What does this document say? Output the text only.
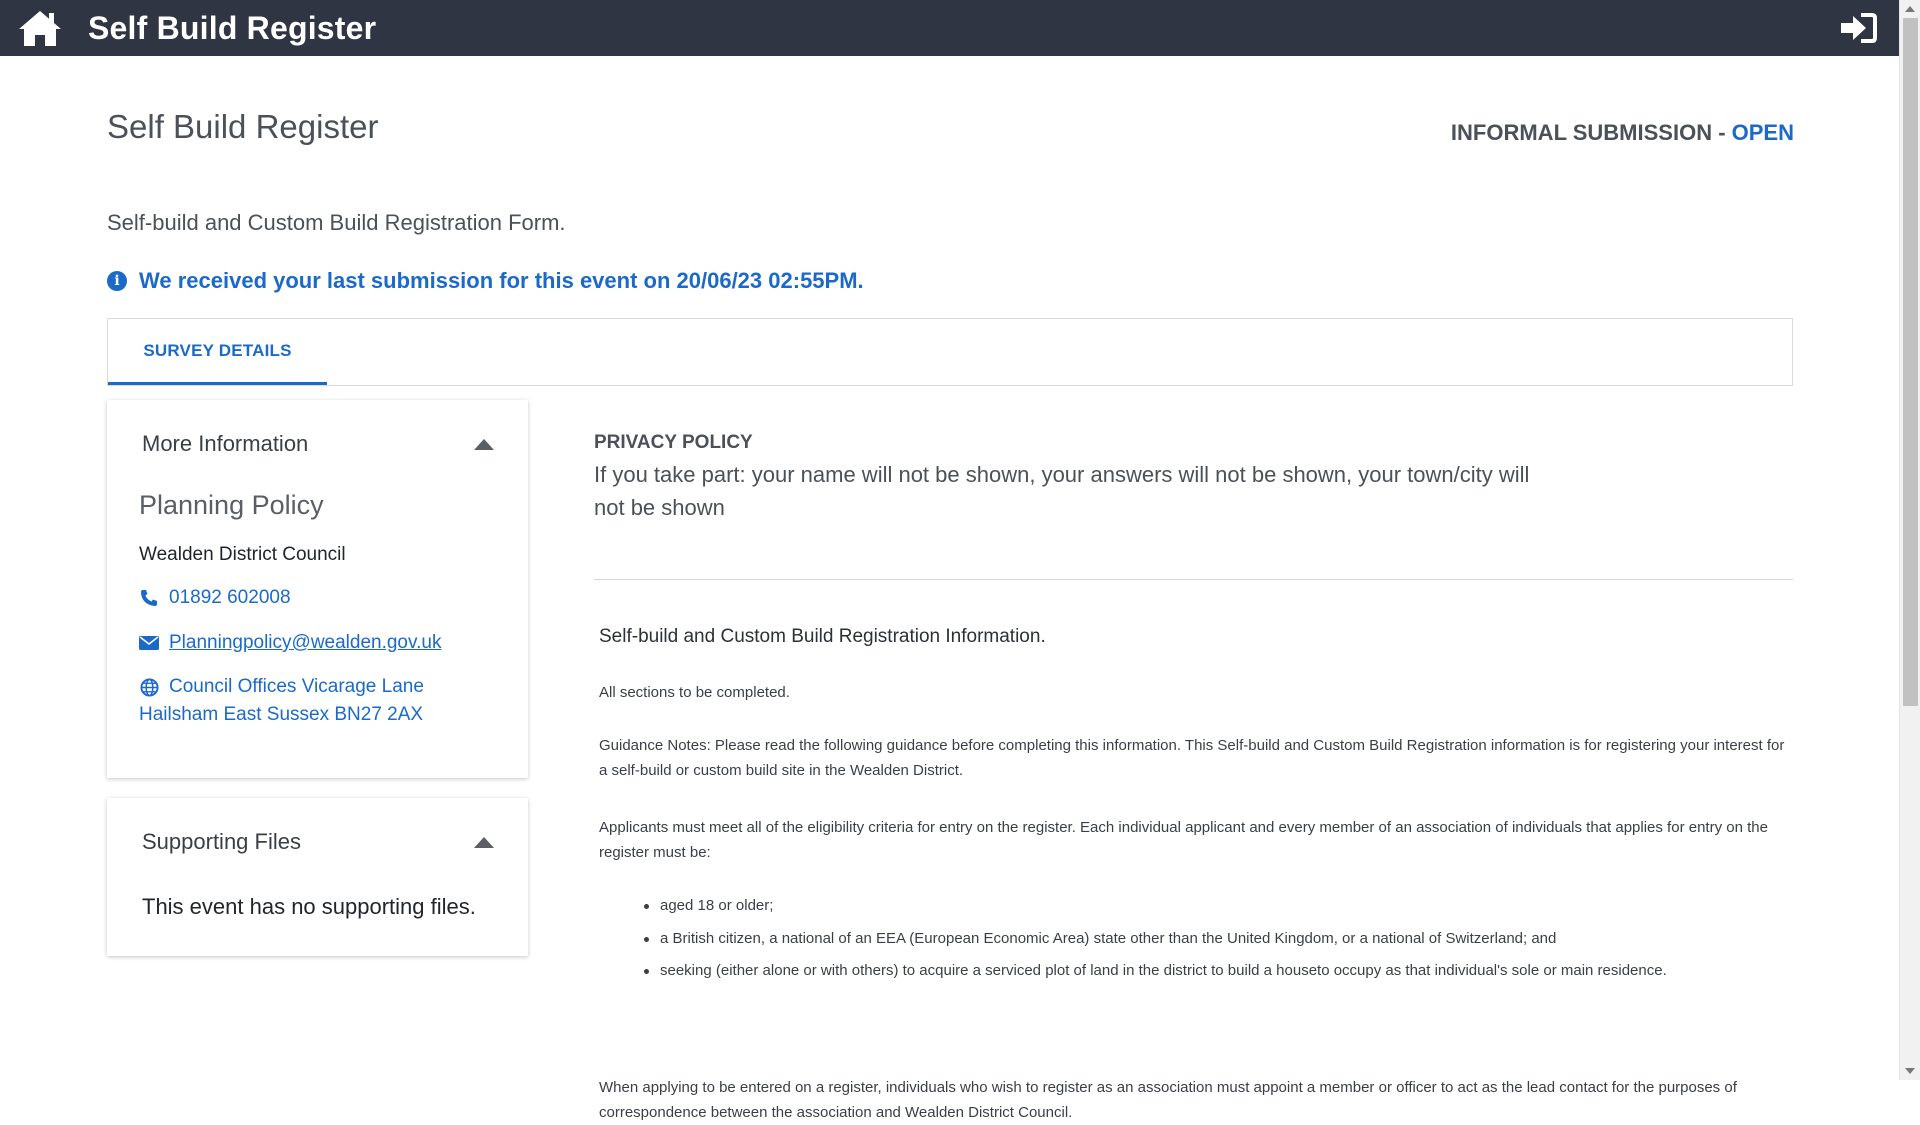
Self Build Register
Self Build Register	INFORMAL SUBMISSION - OPEN
Self-build and Custom Build Registration Form.
i We received your last submission for this event on 20/06/23 02:55PM.
SURVEY DETAILS
More Information
Planning Policy
Wealden District Council
01892 602008
Planningpolicy@wealden.gov.uk
Council Offices Vicarage Lane
Hailsham East Sussex BN27 2AX
Supporting Files
This event has no supporting files.
PRIVACY POLICY
If you take part: your name will not be shown, your answers will not be shown, your town/city will not be shown
Self-build and Custom Build Registration Information.
All sections to be completed.
Guidance Notes: Please read the following guidance before completing this information. This Self-build and Custom Build Registration information is for registering your interest for a self-build or custom build site in the Wealden District.
Applicants must meet all of the eligibility criteria for entry on the register. Each individual applicant and every member of an association of individuals that applies for entry on the register must be:
aged 18 or older;
a British citizen, a national of an EEA (European Economic Area) state other than the United Kingdom, or a national of Switzerland; and
seeking (either alone or with others) to acquire a serviced plot of land in the district to build a houseto occupy as that individual's sole or main residence.
When applying to be entered on a register, individuals who wish to register as an association must appoint a member or officer to act as the lead contact for the purposes of correspondence between the association and Wealden District Council.
